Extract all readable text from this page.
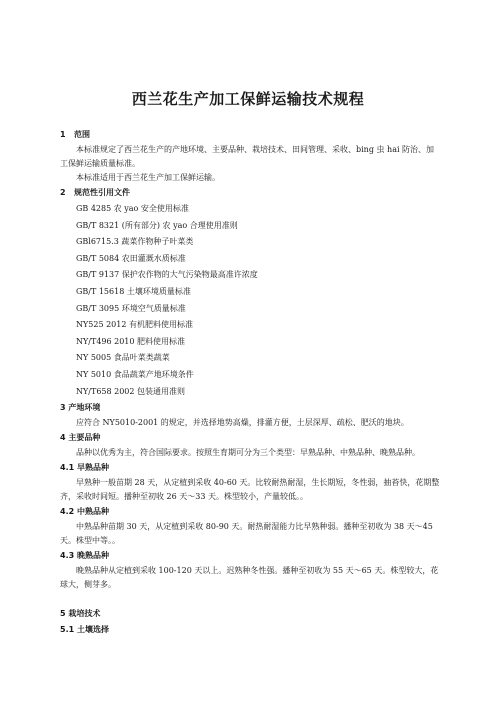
西兰花生产加工保鲜运输技术规程
1 范围

本标准规定了西兰花生产的产地环境、主要品种、栽培技术、田间管理、采收、bing 虫 hai 防治、加工保鲜运输质量标准。

本标准适用于西兰花生产加工保鲜运输。

2 规范性引用文件
GB 4285 农 yao 安全使用标准
GB/T 8321 (所有部分) 农 yao 合理使用准则
GBl6715.3 蔬菜作物种子叶菜类
GB/T 5084 农田灌溉水质标准
GB/T 9137 保护农作物的大气污染物最高准许浓度
GB/T 15618 土壤环境质量标准
GB/T 3095 环境空气质量标准
NY525 2012 有机肥料使用标准
NY/T496 2010 肥料使用标准
NY 5005 食品叶菜类蔬菜
NY 5010 食品蔬菜产地环境条件
NY/T658 2002 包装通用准则
3 产地环境

应符合 NY5010-2001 的规定，并选择地势高燥，排灌方便，土层深厚、疏松、肥沃的地块。

4 主要品种

品种以优秀为主，符合国际要求。按照生育期可分为三个类型：早熟品种、中熟品种、晚熟品种。

4.1 早熟品种

早熟种一般苗期 28 天，从定植到采收 40-60 天。比较耐热耐湿，生长期短，冬性弱，抽苔快，花期整齐，采收时间短。播种至初收 26 天～33 天。株型较小，产量较低。。

4.2 中熟品种

中熟品种苗期 30 天，从定植到采收 80-90 天。耐热耐湿能力比早熟种弱。播种至初收为 38 天～45 天。株型中等。。

4.3 晚熟品种

晚熟品种从定植到采收 100-120 天以上。迟熟种冬性强。播种至初收为 55 天～65 天。株型较大，花球大，侧芽多。

5 栽培技术
5.1 土壤选择
